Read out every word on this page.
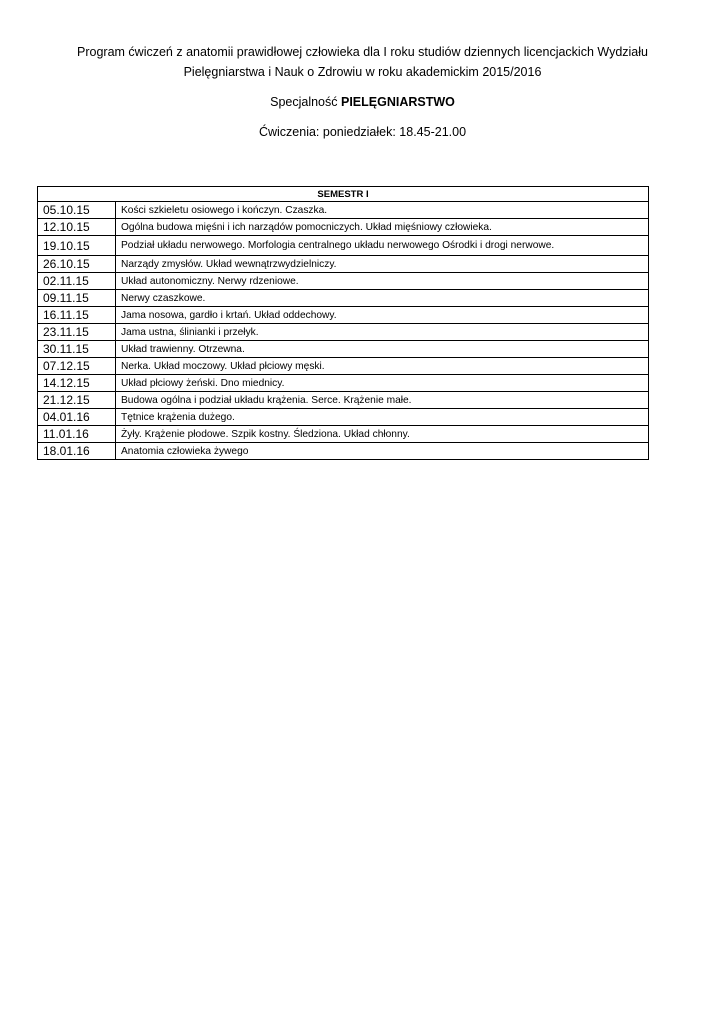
Program ćwiczeń z anatomii prawidłowej człowieka dla I roku studiów dziennych licencjackich Wydziału
Pielęgniarstwa i Nauk o Zdrowiu w roku akademickim 2015/2016
Specjalność PIELĘGNIARSTWO
Ćwiczenia: poniedziałek: 18.45-21.00
SEMESTR I	
05.10.15	Kości szkieletu osiowego i kończyn. Czaszka.
12.10.15	Ogólna budowa mięśni i ich narządów pomocniczych. Układ mięśniowy człowieka.
19.10.15	Podział układu nerwowego. Morfologia centralnego układu nerwowego Ośrodki i drogi nerwowe.
26.10.15	Narządy zmysłów. Układ wewnątrzwydzielniczy.
02.11.15	Układ autonomiczny. Nerwy rdzeniowe.
09.11.15	Nerwy czaszkowe.
16.11.15	Jama nosowa, gardło i krtań. Układ oddechowy.
23.11.15	Jama ustna, ślinianki i przełyk.
30.11.15	Układ trawienny. Otrzewna.
07.12.15	Nerka. Układ moczowy. Układ płciowy męski.
14.12.15	Układ płciowy żeński. Dno miednicy.
21.12.15	Budowa ogólna i podział układu krążenia. Serce. Krążenie małe.
04.01.16	Tętnice krążenia dużego.
11.01.16	Żyły. Krążenie płodowe. Szpik kostny. Śledziona. Układ chłonny.
18.01.16	Anatomia człowieka żywego
